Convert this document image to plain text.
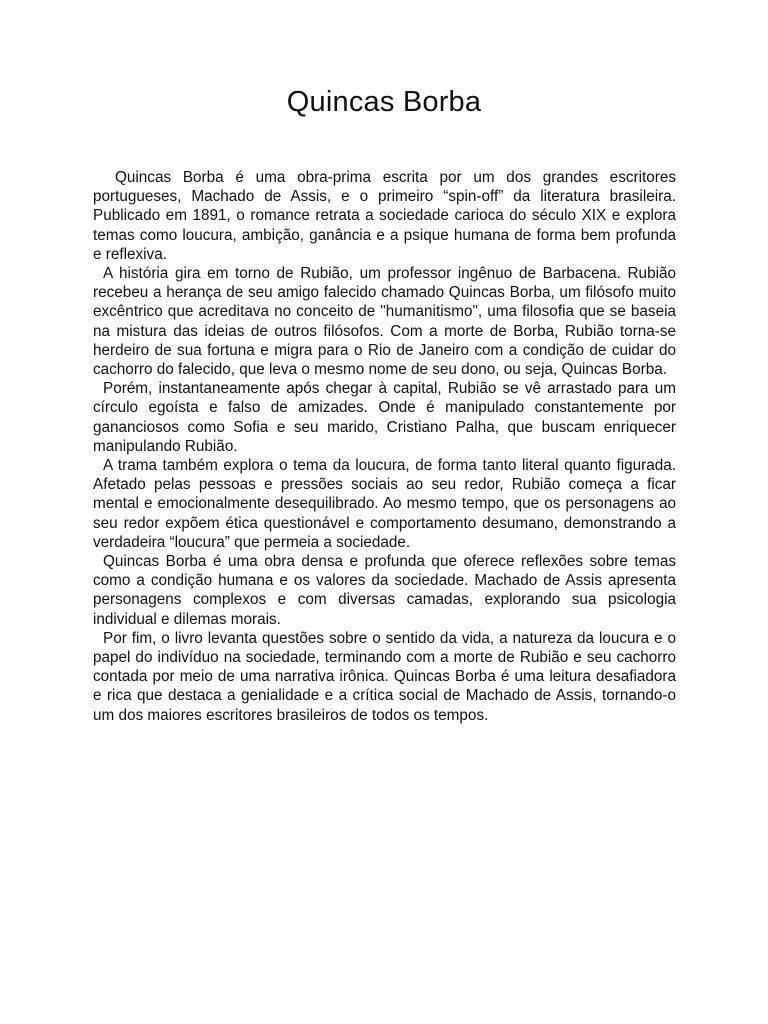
Quincas Borba

Quincas Borba é uma obra-prima escrita por um dos grandes escritores portugueses, Machado de Assis, e o primeiro “spin-off” da literatura brasileira. Publicado em 1891, o romance retrata a sociedade carioca do século XIX e explora temas como loucura, ambição, ganância e a psique humana de forma bem profunda e reflexiva.

A história gira em torno de Rubião, um professor ingênuo de Barbacena. Rubião recebeu a herança de seu amigo falecido chamado Quincas Borba, um filósofo muito excêntrico que acreditava no conceito de "humanitismo", uma filosofia que se baseia na mistura das ideias de outros filósofos. Com a morte de Borba, Rubião torna-se herdeiro de sua fortuna e migra para o Rio de Janeiro com a condição de cuidar do cachorro do falecido, que leva o mesmo nome de seu dono, ou seja, Quincas Borba.

Porém, instantaneamente após chegar à capital, Rubião se vê arrastado para um círculo egoísta e falso de amizades. Onde é manipulado constantemente por gananciosos como Sofia e seu marido, Cristiano Palha, que buscam enriquecer manipulando Rubião.

A trama também explora o tema da loucura, de forma tanto literal quanto figurada. Afetado pelas pessoas e pressões sociais ao seu redor, Rubião começa a ficar mental e emocionalmente desequilibrado. Ao mesmo tempo, que os personagens ao seu redor expõem ética questionável e comportamento desumano, demonstrando a verdadeira “loucura” que permeia a sociedade.

Quincas Borba é uma obra densa e profunda que oferece reflexões sobre temas como a condição humana e os valores da sociedade. Machado de Assis apresenta personagens complexos e com diversas camadas, explorando sua psicologia individual e dilemas morais.

Por fim, o livro levanta questões sobre o sentido da vida, a natureza da loucura e o papel do indivíduo na sociedade, terminando com a morte de Rubião e seu cachorro contada por meio de uma narrativa irônica. Quincas Borba é uma leitura desafiadora e rica que destaca a genialidade e a crítica social de Machado de Assis, tornando-o um dos maiores escritores brasileiros de todos os tempos.
